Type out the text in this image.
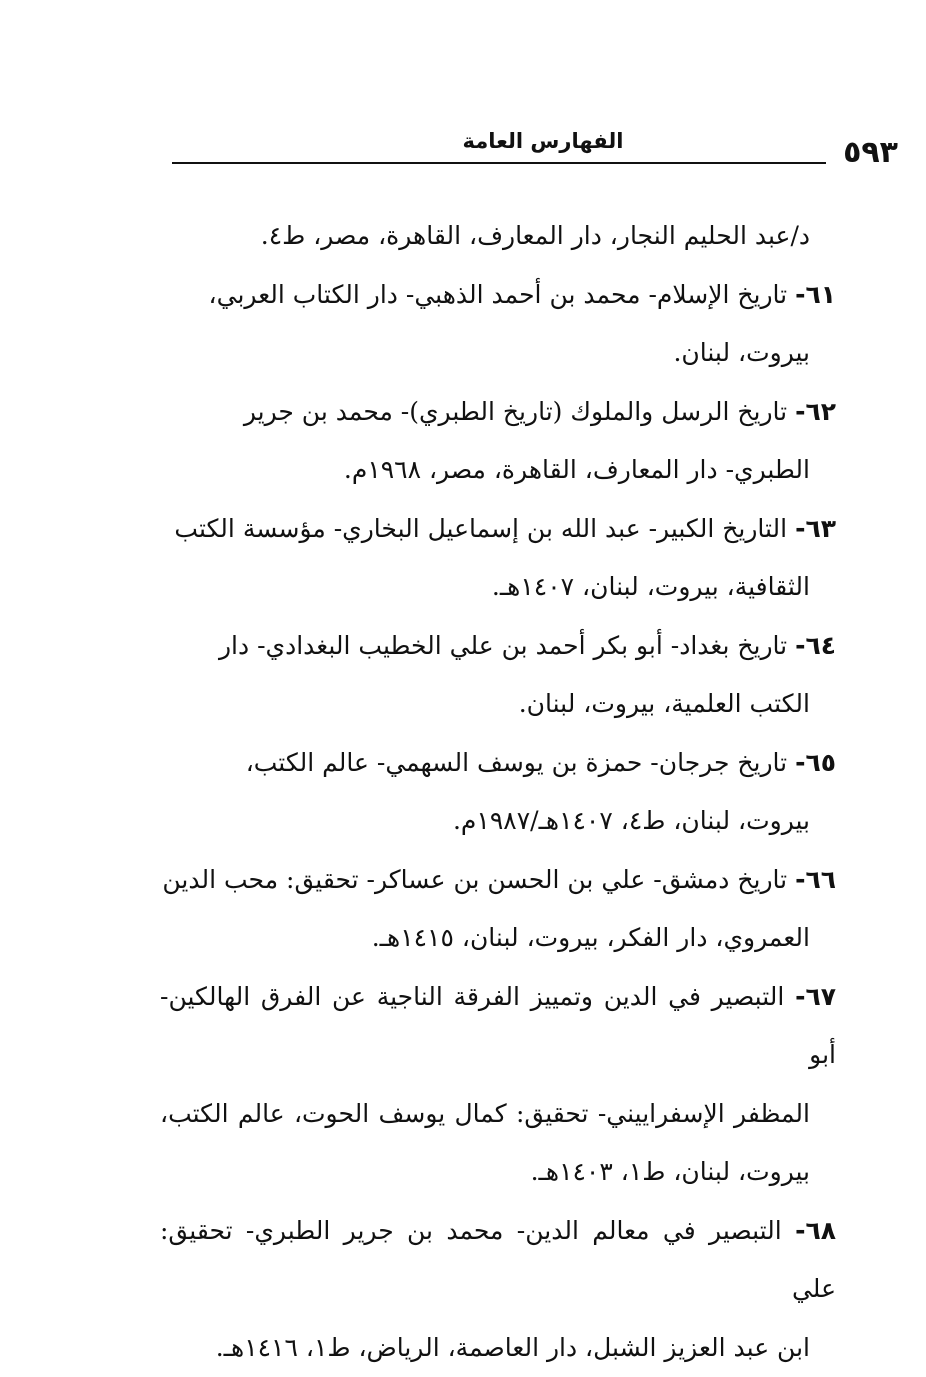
٥٩٣
الفهارس العامة

د/عبد الحليم النجار، دار المعارف، القاهرة، مصر، ط٤.

٦١- تاريخ الإسلام- محمد بن أحمد الذهبي- دار الكتاب العربي،
بيروت، لبنان.

٦٢- تاريخ الرسل والملوك (تاريخ الطبري)- محمد بن جرير
الطبري- دار المعارف، القاهرة، مصر، ١٩٦٨م.

٦٣- التاريخ الكبير- عبد الله بن إسماعيل البخاري- مؤسسة الكتب
الثقافية، بيروت، لبنان، ١٤٠٧هـ.

٦٤- تاريخ بغداد- أبو بكر أحمد بن علي الخطيب البغدادي- دار
الكتب العلمية، بيروت، لبنان.

٦٥- تاريخ جرجان- حمزة بن يوسف السهمي- عالم الكتب،
بيروت، لبنان، ط٤، ١٤٠٧هـ/١٩٨٧م.

٦٦- تاريخ دمشق- علي بن الحسن بن عساكر- تحقيق: محب الدين
العمروي، دار الفكر، بيروت، لبنان، ١٤١٥هـ.

٦٧- التبصير في الدين وتمييز الفرقة الناجية عن الفرق الهالكين- أبو
المظفر الإسفراييني- تحقيق: كمال يوسف الحوت، عالم الكتب، بيروت، لبنان، ط١، ١٤٠٣هـ.

٦٨- التبصير في معالم الدين- محمد بن جرير الطبري- تحقيق: علي
ابن عبد العزيز الشبل، دار العاصمة، الرياض، ط١، ١٤١٦هـ.
